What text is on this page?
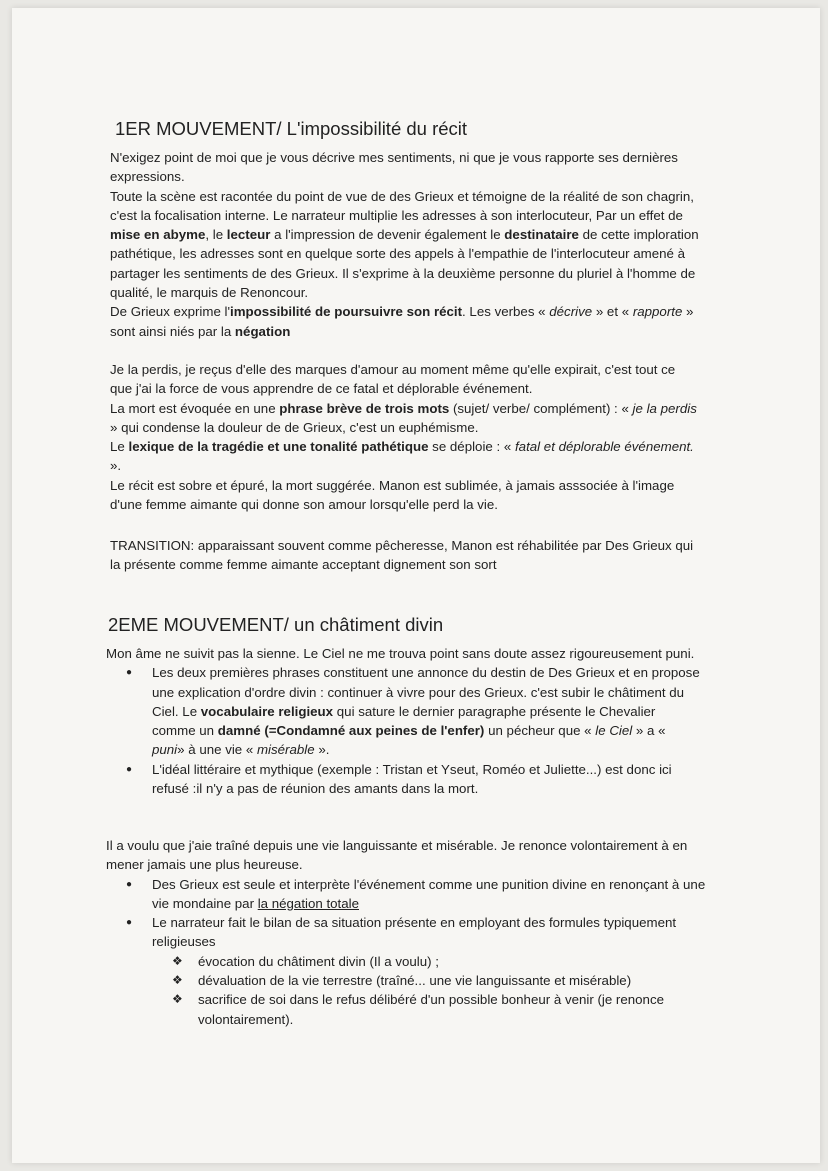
1ER MOUVEMENT/ L'impossibilité du récit

N'exigez point de moi que je vous décrive mes sentiments, ni que je vous rapporte ses dernières expressions.

Toute la scène est racontée du point de vue de des Grieux et témoigne de la réalité de son chagrin, c'est la focalisation interne. Le narrateur multiplie les adresses à son interlocuteur, Par un effet de mise en abyme, le lecteur a l'impression de devenir également le destinataire de cette imploration pathétique, les adresses sont en quelque sorte des appels à l'empathie de l'interlocuteur amené à partager les sentiments de des Grieux. Il s'exprime à la deuxième personne du pluriel à l'homme de qualité, le marquis de Renoncour.

De Grieux exprime l'impossibilité de poursuivre son récit. Les verbes « décrive » et « rapporte » sont ainsi niés par la négation

Je la perdis, je reçus d'elle des marques d'amour au moment même qu'elle expirait, c'est tout ce que j'ai la force de vous apprendre de ce fatal et déplorable événement.

La mort est évoquée en une phrase brève de trois mots (sujet/ verbe/ complément) : « je la perdis » qui condense la douleur de de Grieux, c'est un euphémisme.

Le lexique de la tragédie et une tonalité pathétique se déploie : « fatal et déplorable événement. ».

Le récit est sobre et épuré, la mort suggérée. Manon est sublimée, à jamais asssociée à l'image d'une femme aimante qui donne son amour lorsqu'elle perd la vie.

TRANSITION: apparaissant souvent comme pêcheresse, Manon est réhabilitée par Des Grieux qui la présente comme femme aimante acceptant dignement son sort

2EME MOUVEMENT/ un châtiment divin

Mon âme ne suivit pas la sienne. Le Ciel ne me trouva point sans doute assez rigoureusement puni.

● Les deux premières phrases constituent une annonce du destin de Des Grieux et en propose une explication d'ordre divin : continuer à vivre pour des Grieux. c'est subir le châtiment du Ciel. Le vocabulaire religieux qui sature le dernier paragraphe présente le Chevalier comme un damné (=Condamné aux peines de l'enfer) un pécheur que « le Ciel » a « puni» à une vie « misérable ».
● L'idéal littéraire et mythique (exemple : Tristan et Yseut, Roméo et Juliette...) est donc ici refusé :il n'y a pas de réunion des amants dans la mort.

Il a voulu que j'aie traîné depuis une vie languissante et misérable. Je renonce volontairement à en mener jamais une plus heureuse.

● Des Grieux est seule et interprète l'événement comme une punition divine en renonçant à une vie mondaine par la négation totale
● Le narrateur fait le bilan de sa situation présente en employant des formules typiquement religieuses
❖ évocation du châtiment divin (Il a voulu) ;
❖ dévaluation de la vie terrestre (traîné... une vie languissante et misérable)
❖ sacrifice de soi dans le refus délibéré d'un possible bonheur à venir (je renonce volontairement).
